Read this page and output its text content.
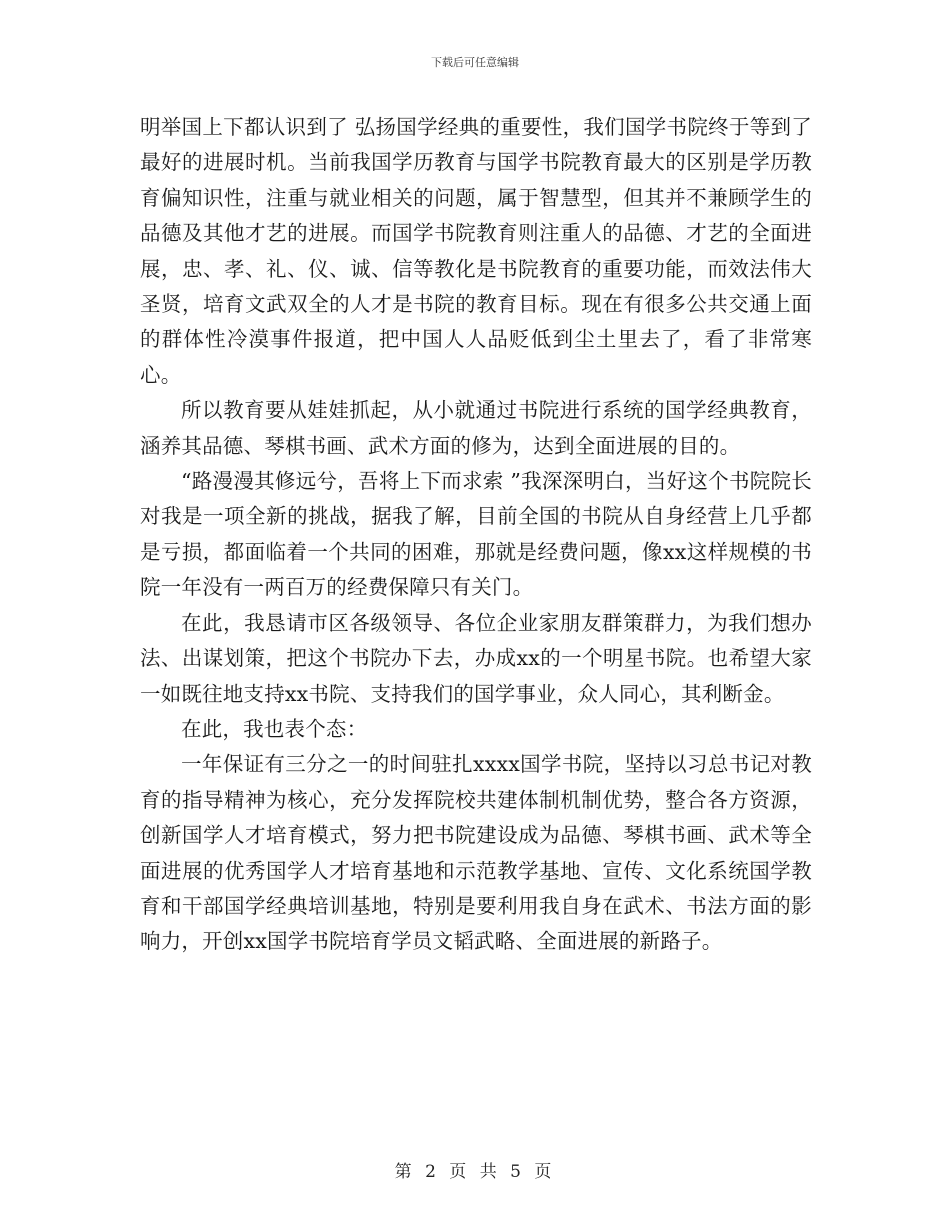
下载后可任意编辑

明举国上下都认识到了 弘扬国学经典的重要性，我们国学书院终于等到了最好的进展时机。当前我国学历教育与国学书院教育最大的区别是学历教育偏知识性，注重与就业相关的问题，属于智慧型，但其并不兼顾学生的品德及其他才艺的进展。而国学书院教育则注重人的品德、才艺的全面进展，忠、孝、礼、仪、诚、信等教化是书院教育的重要功能，而效法伟大圣贤，培育文武双全的人才是书院的教育目标。现在有很多公共交通上面的群体性冷漠事件报道，把中国人人品贬低到尘土里去了，看了非常寒心。

所以教育要从娃娃抓起，从小就通过书院进行系统的国学经典教育，涵养其品德、琴棋书画、武术方面的修为，达到全面进展的目的。

“路漫漫其修远兮，吾将上下而求索 ”我深深明白，当好这个书院院长对我是一项全新的挑战，据我了解，目前全国的书院从自身经营上几乎都是亏损，都面临着一个共同的困难，那就是经费问题，像xx这样规模的书院一年没有一两百万的经费保障只有关门。

在此，我恳请市区各级领导、各位企业家朋友群策群力，为我们想办法、出谋划策，把这个书院办下去，办成xx的一个明星书院。也希望大家一如既往地支持xx书院、支持我们的国学事业，众人同心，其利断金。

在此，我也表个态：

一年保证有三分之一的时间驻扎xxxx国学书院，坚持以习总书记对教育的指导精神为核心，充分发挥院校共建体制机制优势，整合各方资源，创新国学人才培育模式，努力把书院建设成为品德、琴棋书画、武术等全面进展的优秀国学人才培育基地和示范教学基地、宣传、文化系统国学教育和干部国学经典培训基地，特别是要利用我自身在武术、书法方面的影响力，开创xx国学书院培育学员文韬武略、全面进展的新路子。

第 2 页 共 5 页
